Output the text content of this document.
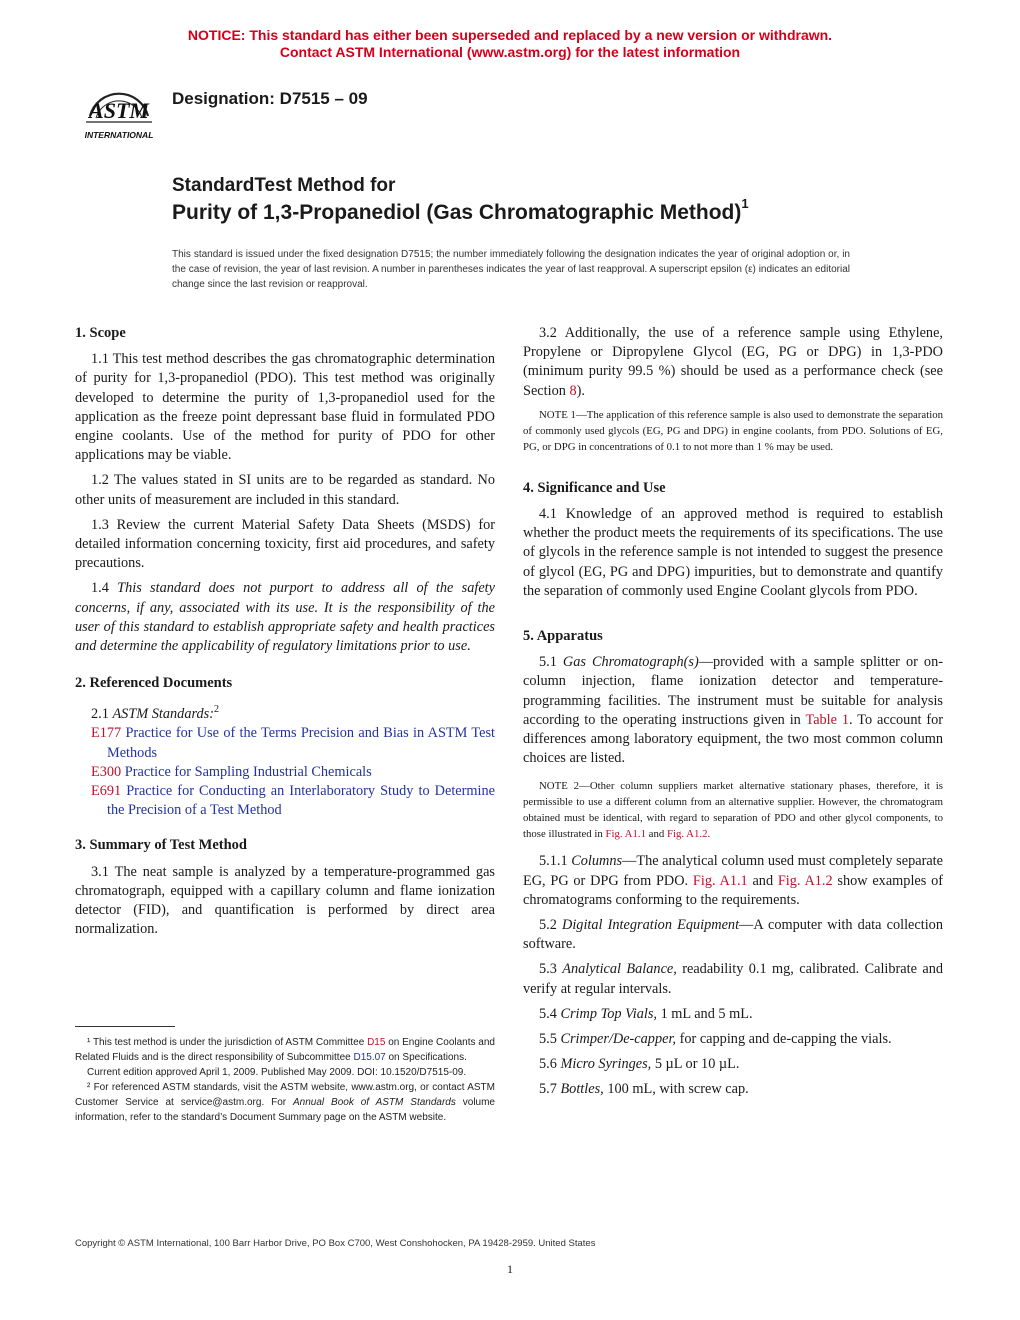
NOTICE: This standard has either been superseded and replaced by a new version or withdrawn.
Contact ASTM International (www.astm.org) for the latest information
ASTM
INTERNATIONAL
Designation: D7515 – 09
StandardTest Method for
Purity of 1,3-Propanediol (Gas Chromatographic Method)$^1$
This standard is issued under the fixed designation D7515; the number immediately following the designation indicates the year of original adoption or, in the case of revision, the year of last revision. A number in parentheses indicates the year of last reapproval. A superscript epsilon (ε) indicates an editorial change since the last revision or reapproval.
1. Scope

1.1 This test method describes the gas chromatographic determination of purity for 1,3-propanediol (PDO). This test method was originally developed to determine the purity of 1,3-propanediol used for the application as the freeze point depressant base fluid in formulated PDO engine coolants. Use of the method for purity of PDO for other applications may be viable.

1.2 The values stated in SI units are to be regarded as standard. No other units of measurement are included in this standard.

1.3 Review the current Material Safety Data Sheets (MSDS) for detailed information concerning toxicity, first aid procedures, and safety precautions.

1.4 This standard does not purport to address all of the safety concerns, if any, associated with its use. It is the responsibility of the user of this standard to establish appropriate safety and health practices and determine the applicability of regulatory limitations prior to use.

2. Referenced Documents

2.1 ASTM Standards:$^2$

E177 Practice for Use of the Terms Precision and Bias in ASTM Test Methods
E300 Practice for Sampling Industrial Chemicals
E691 Practice for Conducting an Interlaboratory Study to Determine the Precision of a Test Method
3. Summary of Test Method

3.1 The neat sample is analyzed by a temperature-programmed gas chromatograph, equipped with a capillary column and flame ionization detector (FID), and quantification is performed by direct area normalization.

¹ This test method is under the jurisdiction of ASTM Committee D15 on Engine Coolants and Related Fluids and is the direct responsibility of Subcommittee D15.07 on Specifications.
Current edition approved April 1, 2009. Published May 2009. DOI: 10.1520/D7515-09.
² For referenced ASTM standards, visit the ASTM website, www.astm.org, or contact ASTM Customer Service at service@astm.org. For Annual Book of ASTM Standards volume information, refer to the standard’s Document Summary page on the ASTM website.

3.2 Additionally, the use of a reference sample using Ethylene, Propylene or Dipropylene Glycol (EG, PG or DPG) in 1,3-PDO (minimum purity 99.5 %) should be used as a performance check (see Section 8).

NOTE 1—The application of this reference sample is also used to demonstrate the separation of commonly used glycols (EG, PG and DPG) in engine coolants, from PDO. Solutions of EG, PG, or DPG in concentrations of 0.1 to not more than 1 % may be used.
4. Significance and Use

4.1 Knowledge of an approved method is required to establish whether the product meets the requirements of its specifications. The use of glycols in the reference sample is not intended to suggest the presence of glycol (EG, PG and DPG) impurities, but to demonstrate and quantify the separation of commonly used Engine Coolant glycols from PDO.

5. Apparatus

5.1 Gas Chromatograph(s)—provided with a sample splitter or on-column injection, flame ionization detector and temperature-programming facilities. The instrument must be suitable for analysis according to the operating instructions given in Table 1. To account for differences among laboratory equipment, the two most common column choices are listed.

NOTE 2—Other column suppliers market alternative stationary phases, therefore, it is permissible to use a different column from an alternative supplier. However, the chromatogram obtained must be identical, with regard to separation of PDO and other glycol components, to those illustrated in Fig. A1.1 and Fig. A1.2.

5.1.1 Columns—The analytical column used must completely separate EG, PG or DPG from PDO. Fig. A1.1 and Fig. A1.2 show examples of chromatograms conforming to the requirements.

5.2 Digital Integration Equipment—A computer with data collection software.

5.3 Analytical Balance, readability 0.1 mg, calibrated. Calibrate and verify at regular intervals.

5.4 Crimp Top Vials, 1 mL and 5 mL.

5.5 Crimper/De-capper, for capping and de-capping the vials.

5.6 Micro Syringes, 5 µL or 10 µL.

5.7 Bottles, 100 mL, with screw cap.

Copyright © ASTM International, 100 Barr Harbor Drive, PO Box C700, West Conshohocken, PA 19428-2959. United States
1
